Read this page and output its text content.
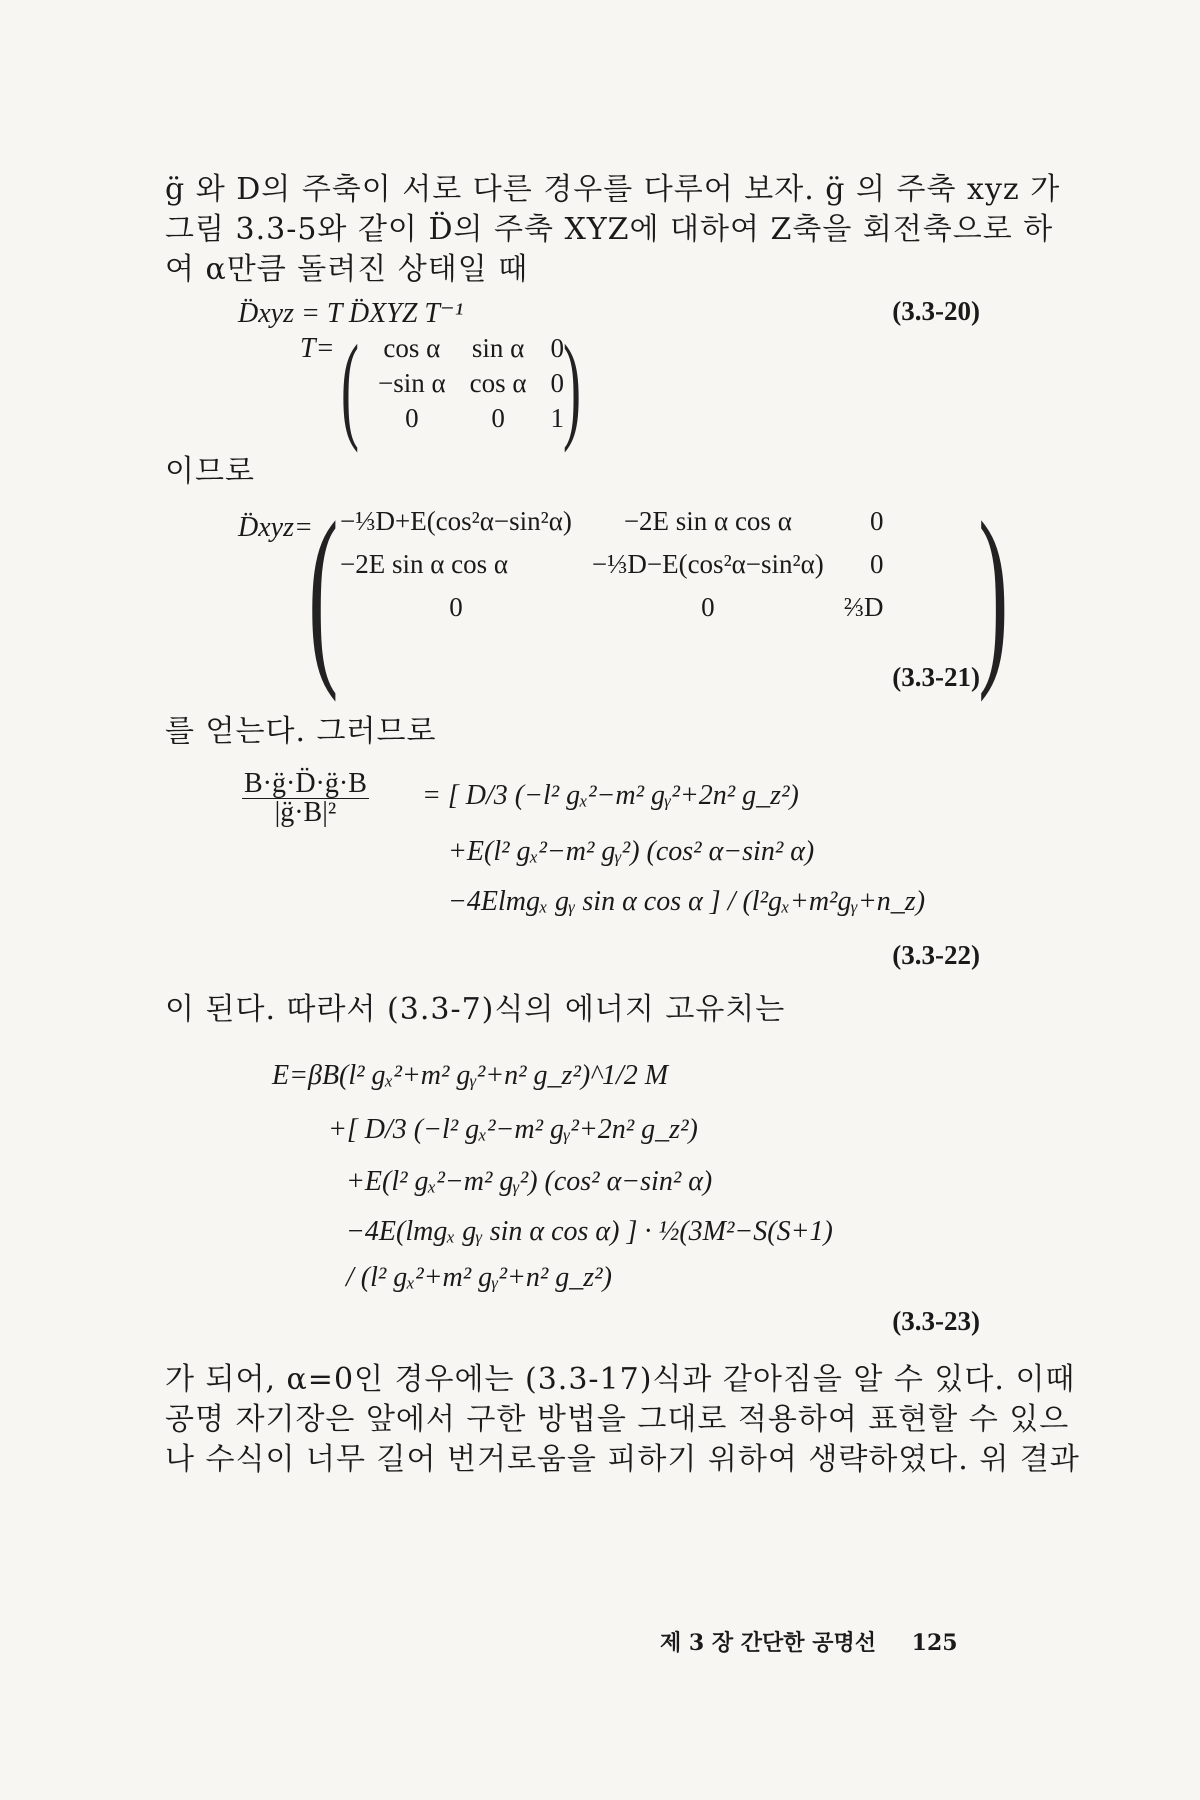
g̈ 와 D의 주축이 서로 다른 경우를 다루어 보자. g̈ 의 주축 xyz 가
그림 3.3-5와 같이 D̈의 주축 XYZ에 대하여 Z축을 회전축으로 하
여 α만큼 돌려진 상태일 때
D̈xyz = T D̈XYZ T⁻¹	(3.3-20)
T= ( cos α	sin α	0
−sin α	cos α	0
0	0	1
)
이므로
D̈xyz=
( −⅓D+E(cos²α−sin²α)	−2E sin α cos α	0
−2E sin α cos α	−⅓D−E(cos²α−sin²α)	0
0	0	⅔D )
(3.3-21)
를 얻는다. 그러므로
$\frac{B\cdot g̈\cdot D̈\cdot g̈\cdot B}{\text{|g̈·B|²}}$ = [ D/3 (−l² gₓ²−m² gᵧ²+2n² g_z²)
+E(l² gₓ²−m² gᵧ²) (cos² α−sin² α)
−4Elmgₓ gᵧ sin α cos α ] / (l²gₓ+m²gᵧ+n_z)
(3.3-22)
이 된다. 따라서 (3.3-7)식의 에너지 고유치는
E=βB(l² gₓ²+m² gᵧ²+n² g_z²)^1/2 M
+[ D/3 (−l² gₓ²−m² gᵧ²+2n² g_z²)
+E(l² gₓ²−m² gᵧ²) (cos² α−sin² α)
−4E(lmgₓ gᵧ sin α cos α) ] · ½(3M²−S(S+1)
/ (l² gₓ²+m² gᵧ²+n² g_z²)
(3.3-23)
가 되어, α=0인 경우에는 (3.3-17)식과 같아짐을 알 수 있다. 이때
공명 자기장은 앞에서 구한 방법을 그대로 적용하여 표현할 수 있으
나 수식이 너무 길어 번거로움을 피하기 위하여 생략하였다. 위 결과
제 3 장 간단한 공명선 125
